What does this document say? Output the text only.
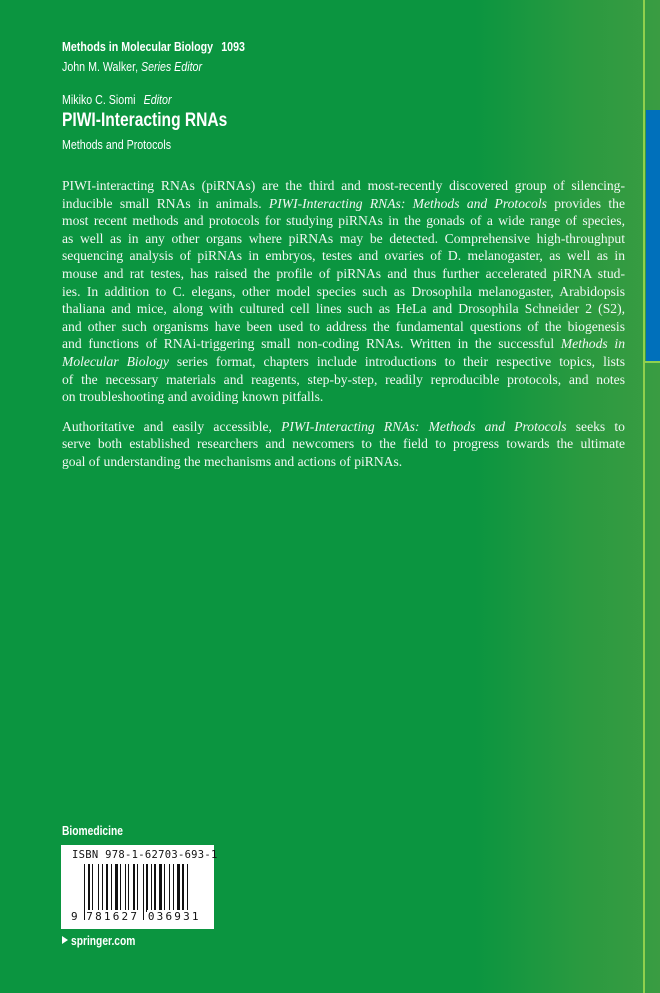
Methods in Molecular Biology 1093
John M. Walker, Series Editor
Mikiko C. Siomi Editor
PIWI-Interacting RNAs
Methods and Protocols
PIWI-interacting RNAs (piRNAs) are the third and most-recently discovered group of silencing-
inducible small RNAs in animals. PIWI-Interacting RNAs: Methods and Protocols provides the
most recent methods and protocols for studying piRNAs in the gonads of a wide range of species,
as well as in any other organs where piRNAs may be detected. Comprehensive high-throughput
sequencing analysis of piRNAs in embryos, testes and ovaries of D. melanogaster, as well as in
mouse and rat testes, has raised the profile of piRNAs and thus further accelerated piRNA stud-
ies. In addition to C. elegans, other model species such as Drosophila melanogaster, Arabidopsis
thaliana and mice, along with cultured cell lines such as HeLa and Drosophila Schneider 2 (S2),
and other such organisms have been used to address the fundamental questions of the biogenesis
and functions of RNAi-triggering small non-coding RNAs. Written in the successful Methods in
Molecular Biology series format, chapters include introductions to their respective topics, lists
of the necessary materials and reagents, step-by-step, readily reproducible protocols, and notes
on troubleshooting and avoiding known pitfalls.
Authoritative and easily accessible, PIWI-Interacting RNAs: Methods and Protocols seeks to
serve both established researchers and newcomers to the field to progress towards the ultimate
goal of understanding the mechanisms and actions of piRNAs.
Biomedicine
ISBN 978-1-62703-693-1
9 781627 036931
springer.com
